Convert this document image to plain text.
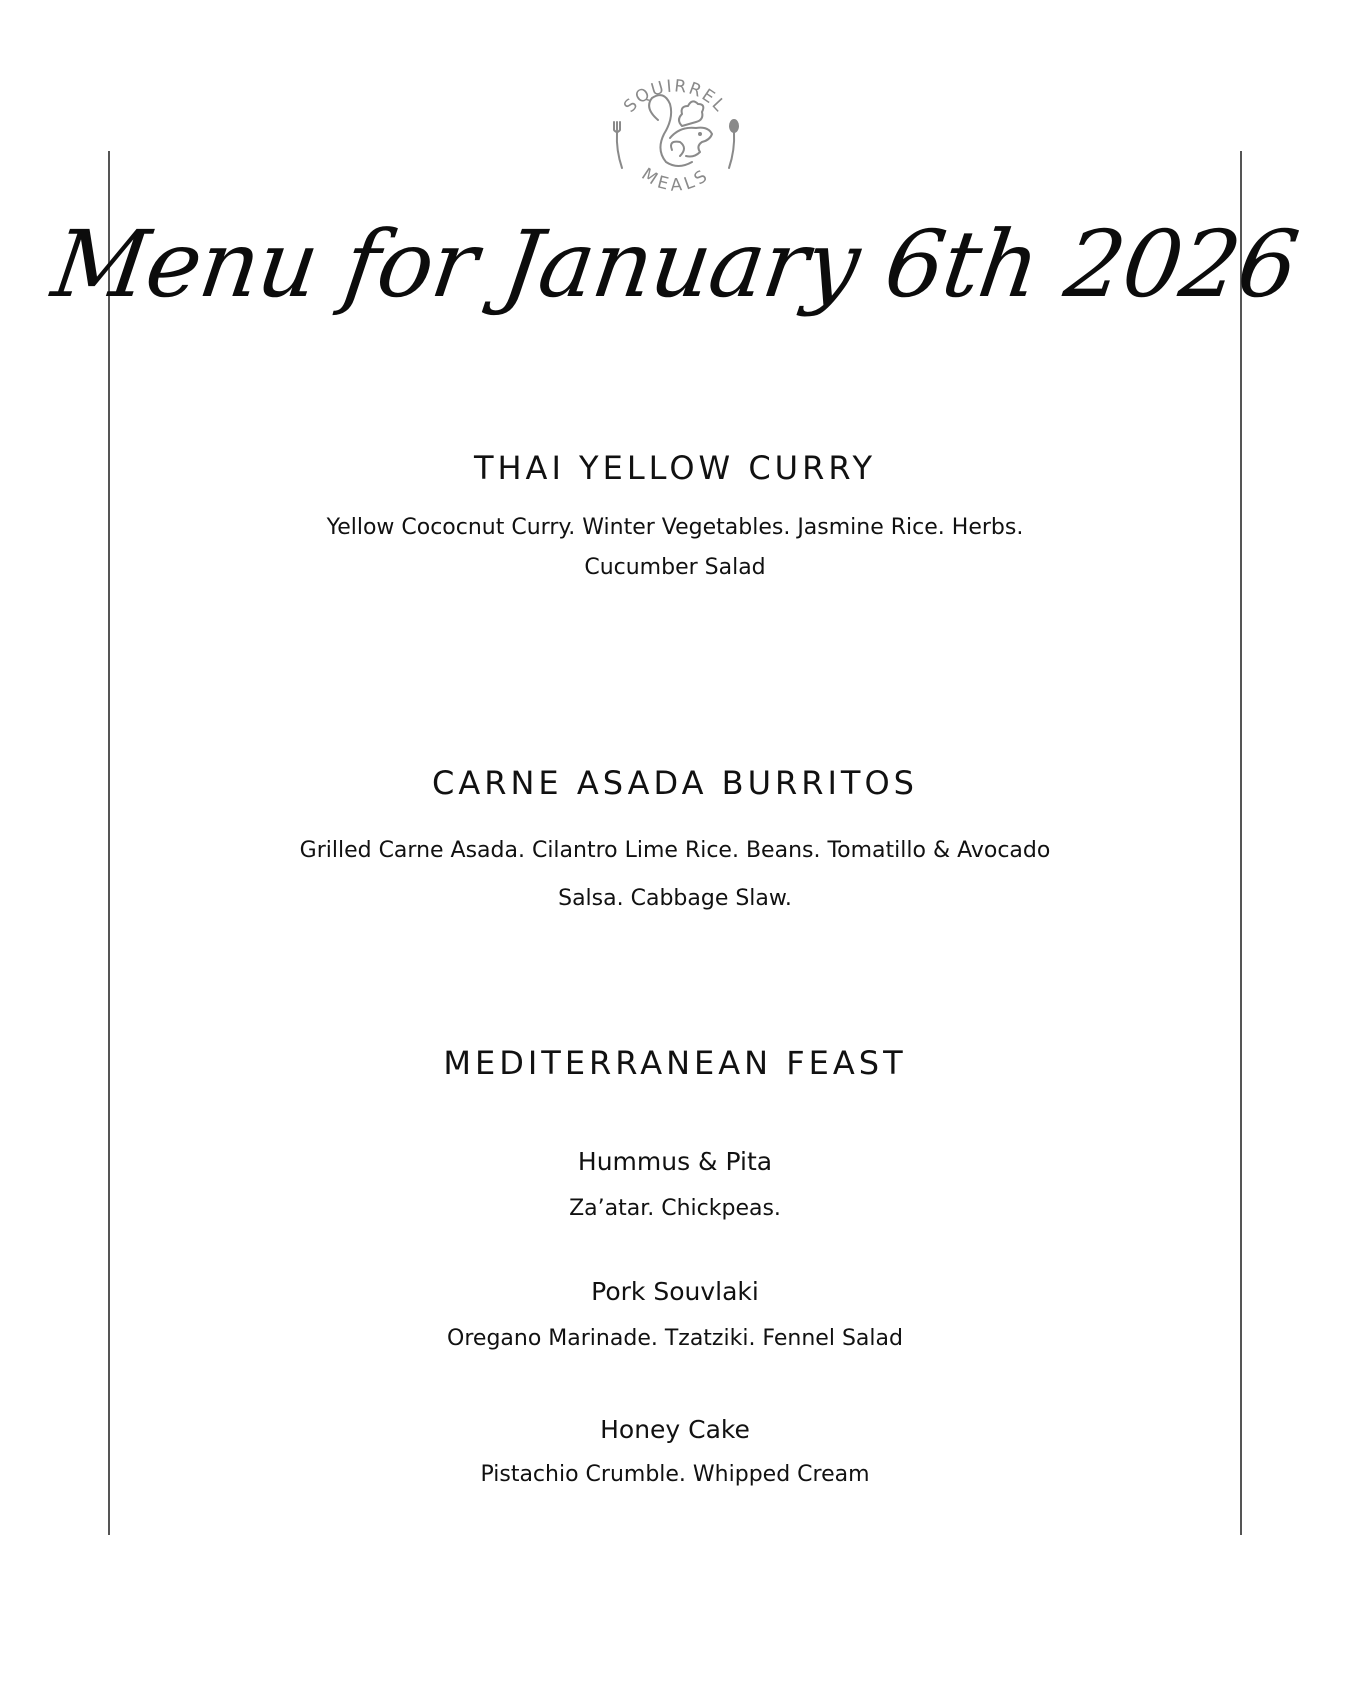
SQUIRREL
MEALS
Menu for January 6th 2026
THAI YELLOW CURRY
Yellow Cococnut Curry. Winter Vegetables. Jasmine Rice. Herbs.
Cucumber Salad
CARNE ASADA BURRITOS
Grilled Carne Asada. Cilantro Lime Rice. Beans. Tomatillo & Avocado
Salsa. Cabbage Slaw.
MEDITERRANEAN FEAST
Hummus & Pita
Za’atar. Chickpeas.
Pork Souvlaki
Oregano Marinade. Tzatziki. Fennel Salad
Honey Cake
Pistachio Crumble. Whipped Cream
